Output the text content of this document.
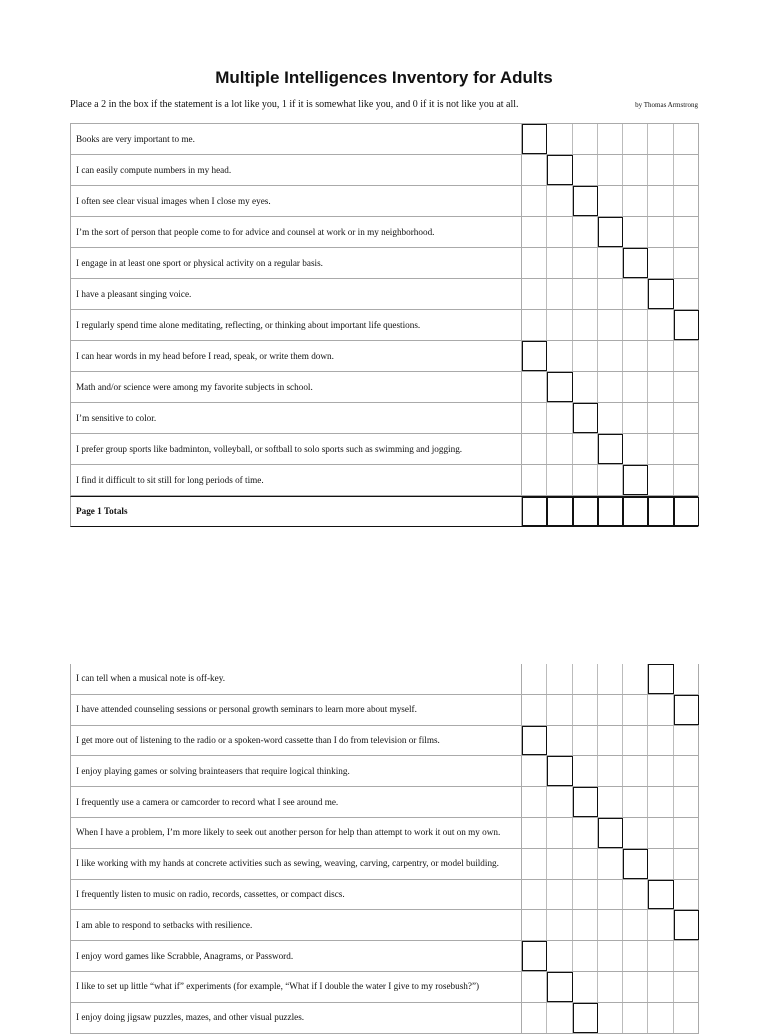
Multiple Intelligences Inventory for Adults
Place a 2 in the box if the statement is a lot like you, 1 if it is somewhat like you, and 0 if it is not like you at all.	by Thomas Armstrong
Books are very important to me.
I can easily compute numbers in my head.
I often see clear visual images when I close my eyes.
I’m the sort of person that people come to for advice and counsel at work or in my neighborhood.
I engage in at least one sport or physical activity on a regular basis.
I have a pleasant singing voice.
I regularly spend time alone meditating, reflecting, or thinking about important life questions.
I can hear words in my head before I read, speak, or write them down.
Math and/or science were among my favorite subjects in school.
I’m sensitive to color.
I prefer group sports like badminton, volleyball, or softball to solo sports such as swimming and jogging.
I find it difficult to sit still for long periods of time.
Page 1 Totals
I can tell when a musical note is off-key.
I have attended counseling sessions or personal growth seminars to learn more about myself.
I get more out of listening to the radio or a spoken-word cassette than I do from television or films.
I enjoy playing games or solving brainteasers that require logical thinking.
I frequently use a camera or camcorder to record what I see around me.
When I have a problem, I’m more likely to seek out another person for help than attempt to work it out on my own.
I like working with my hands at concrete activities such as sewing, weaving, carving, carpentry, or model building.
I frequently listen to music on radio, records, cassettes, or compact discs.
I am able to respond to setbacks with resilience.
I enjoy word games like Scrabble, Anagrams, or Password.
I like to set up little “what if” experiments (for example, “What if I double the water I give to my rosebush?”)
I enjoy doing jigsaw puzzles, mazes, and other visual puzzles.
